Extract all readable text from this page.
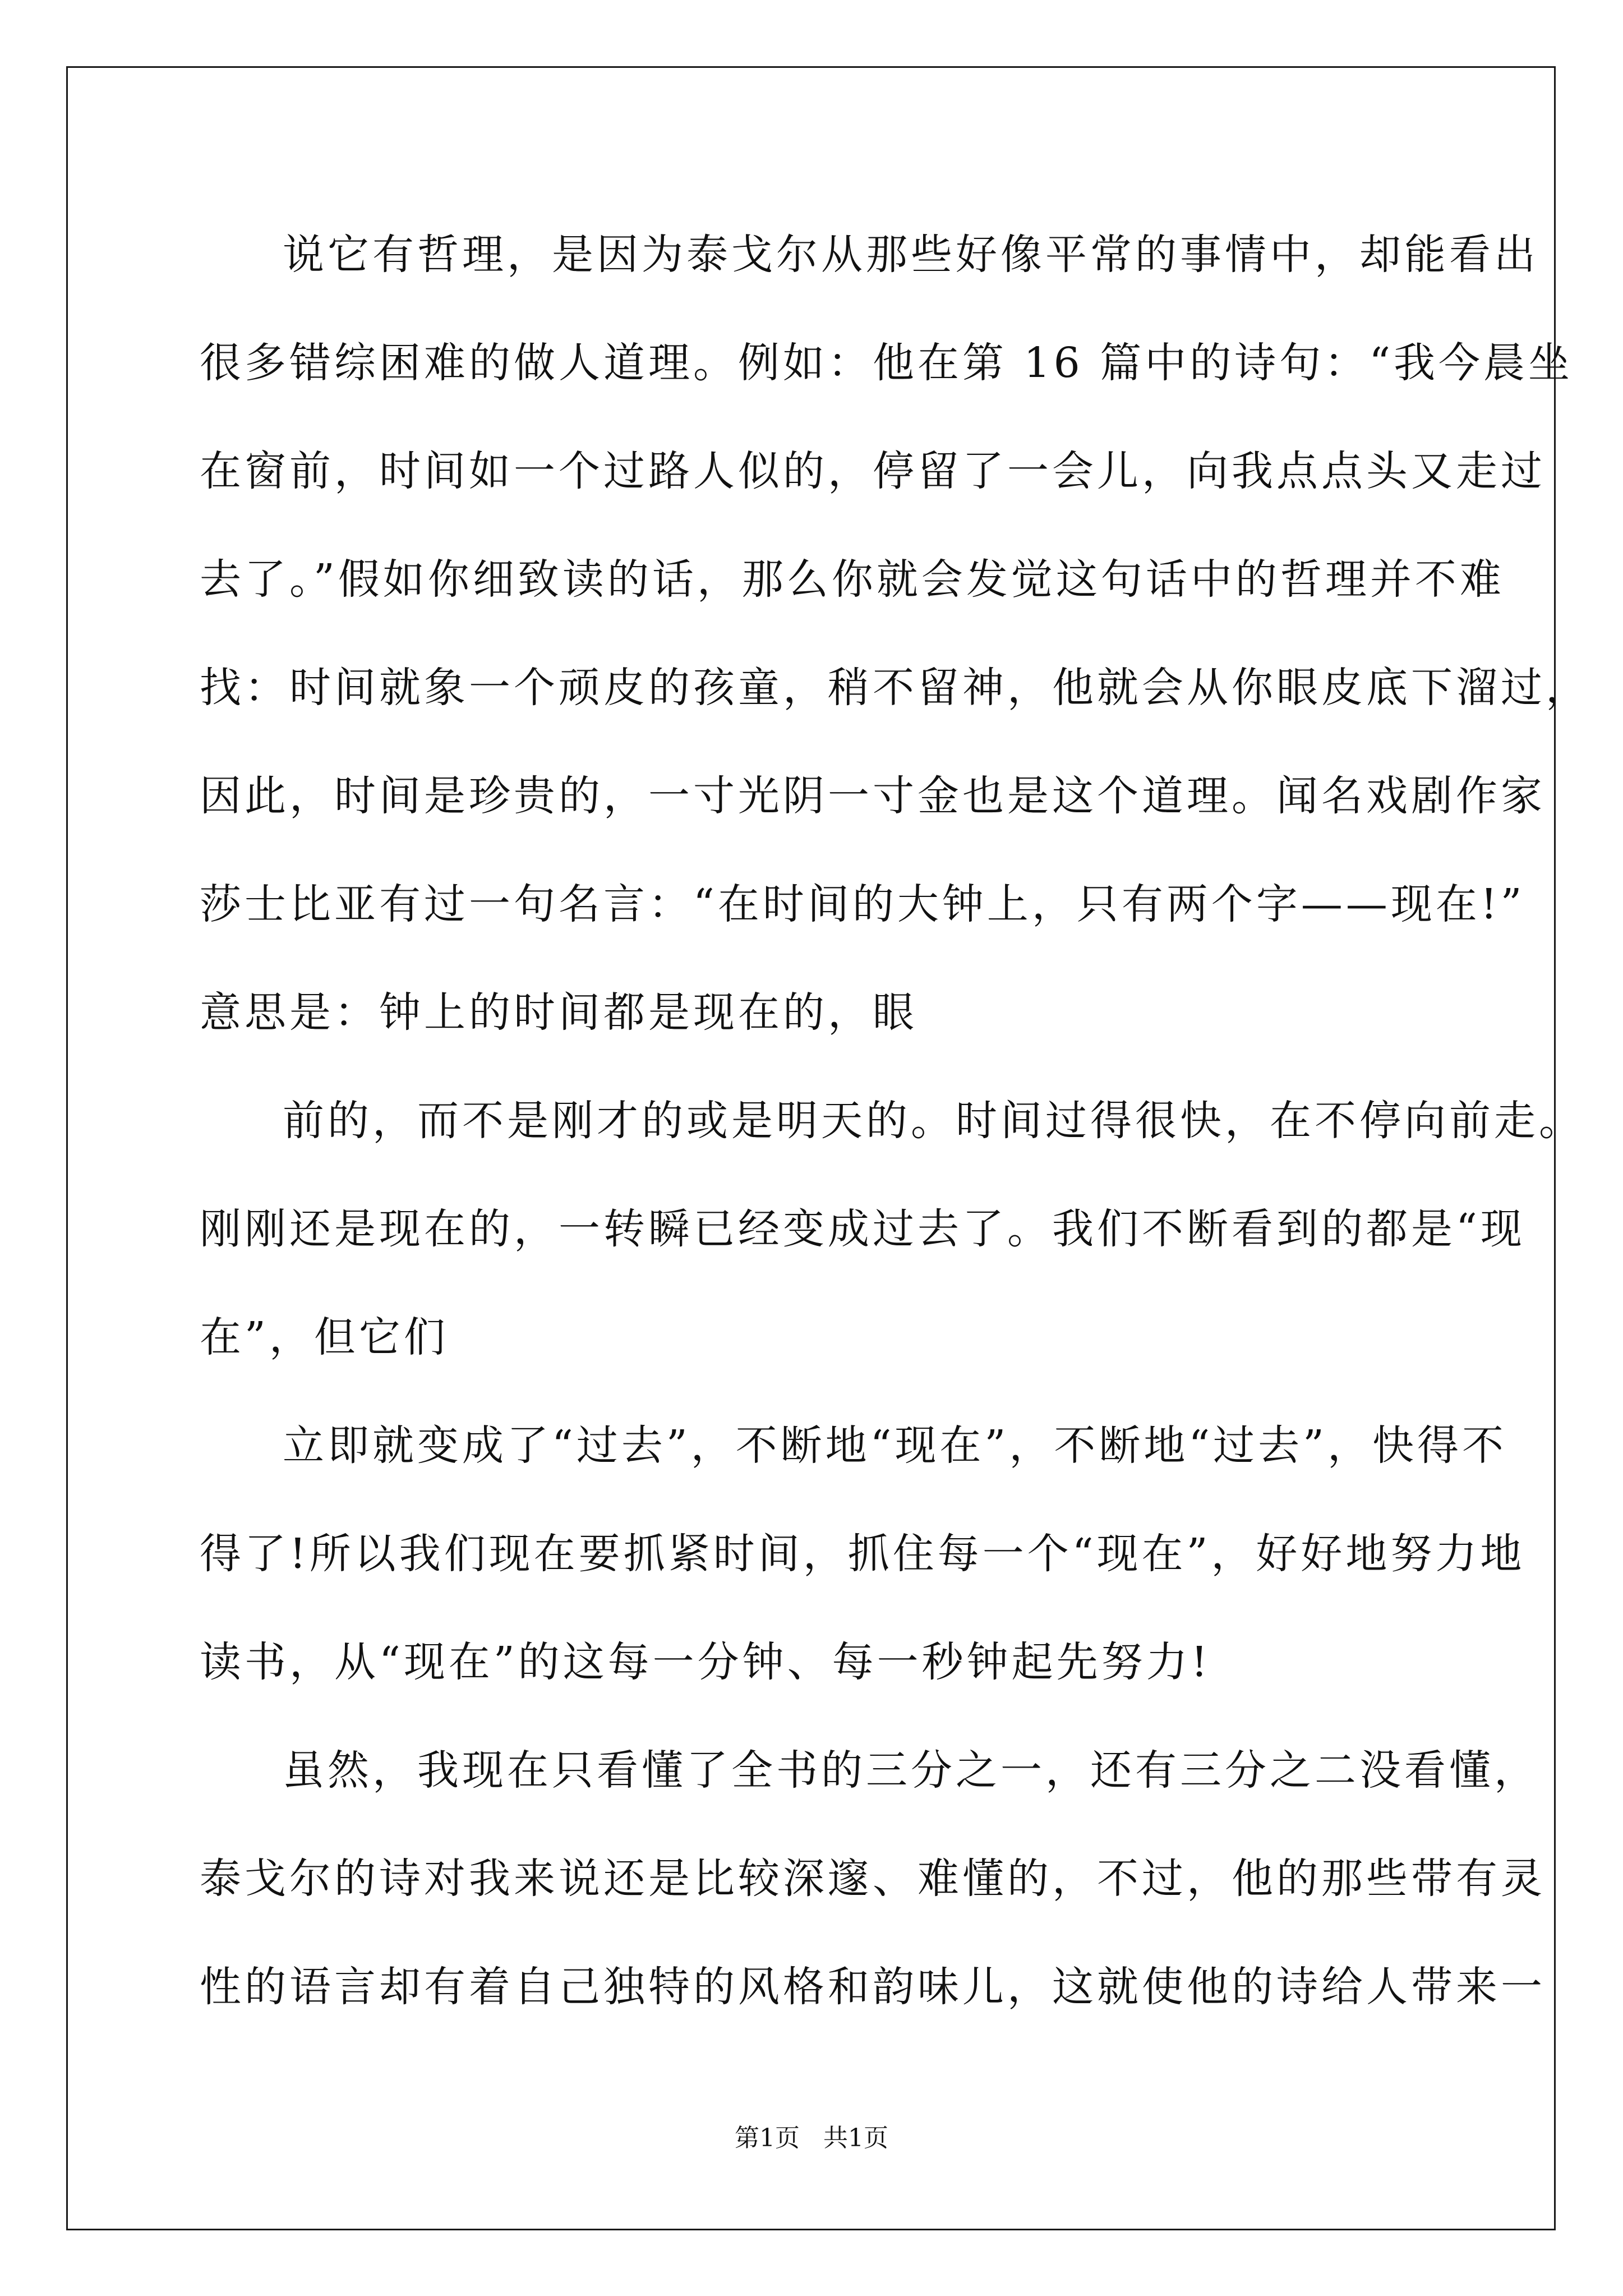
说它有哲理，是因为泰戈尔从那些好像平常的事情中，却能看出
很多错综困难的做人道理。例如：他在第 16 篇中的诗句：“我今晨坐
在窗前，时间如一个过路人似的，停留了一会儿，向我点点头又走过
去了。”假如你细致读的话，那么你就会发觉这句话中的哲理并不难
找：时间就象一个顽皮的孩童，稍不留神，他就会从你眼皮底下溜过，
因此，时间是珍贵的，一寸光阴一寸金也是这个道理。闻名戏剧作家
莎士比亚有过一句名言：“在时间的大钟上，只有两个字——现在!”
意思是：钟上的时间都是现在的，眼
前的，而不是刚才的或是明天的。时间过得很快，在不停向前走。
刚刚还是现在的，一转瞬已经变成过去了。我们不断看到的都是“现
在”，但它们
立即就变成了“过去”，不断地“现在”，不断地“过去”，快得不
得了!所以我们现在要抓紧时间，抓住每一个“现在”，好好地努力地
读书，从“现在”的这每一分钟、每一秒钟起先努力!
虽然，我现在只看懂了全书的三分之一，还有三分之二没看懂，
泰戈尔的诗对我来说还是比较深邃、难懂的，不过，他的那些带有灵
性的语言却有着自己独特的风格和韵味儿，这就使他的诗给人带来一
第1页   共1页
